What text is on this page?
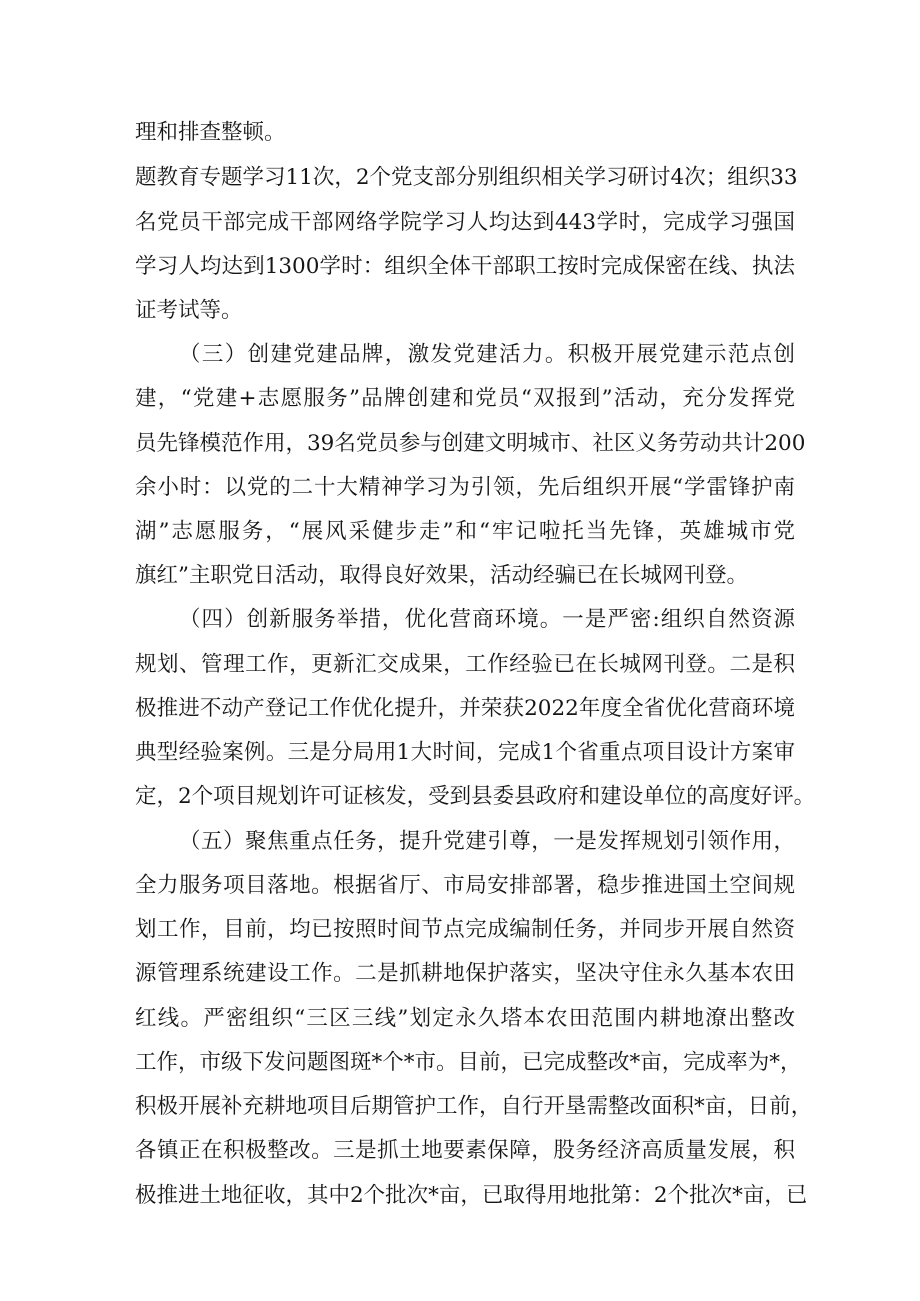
理和排查整顿。
题教育专题学习11次，2个党支部分别组织相关学习研讨4次；组织33
名党员干部完成干部网络学院学习人均达到443学时，完成学习强国
学习人均达到1300学时：组织全体干部职工按时完成保密在线、执法
证考试等。
（三）创建党建品牌，激发党建活力。积极开展党建示范点创
建，“党建+志愿服务”品牌创建和党员“双报到”活动，充分发挥党
员先锋模范作用，39名党员参与创建文明城市、社区义务劳动共计200
余小时：以党的二十大精神学习为引领，先后组织开展“学雷锋护南
湖”志愿服务，“展风采健步走”和“牢记啦托当先锋，英雄城市党
旗红”主职党日活动，取得良好效果，活动经骗已在长城网刊登。
（四）创新服务举措，优化营商环境。一是严密:组织自然资源
规划、管理工作，更新汇交成果，工作经验已在长城网刊登。二是积
极推进不动产登记工作优化提升，并荣获2022年度全省优化营商环境
典型经验案例。三是分局用1大时间，完成1个省重点项目设计方案审
定，2个项目规划许可证核发，受到县委县政府和建设单位的高度好评。
（五）聚焦重点任务，提升党建引尊，一是发挥规划引领作用，
全力服务项目落地。根据省厅、市局安排部署，稳步推进国土空间规
划工作，目前，均已按照时间节点完成编制任务，并同步开展自然资
源管理系统建设工作。二是抓耕地保护落实，坚决守住永久基本农田
红线。严密组织“三区三线”划定永久塔本农田范围内耕地潦出整改
工作，市级下发问题图斑*个*市。目前，已完成整改*亩，完成率为*，
积极开展补充耕地项目后期管护工作，自行开垦需整改面积*亩，日前，
各镇正在积极整改。三是抓土地要素保障，股务经济高质量发展，积
极推进土地征收，其中2个批次*亩，已取得用地批第：2个批次*亩，已
